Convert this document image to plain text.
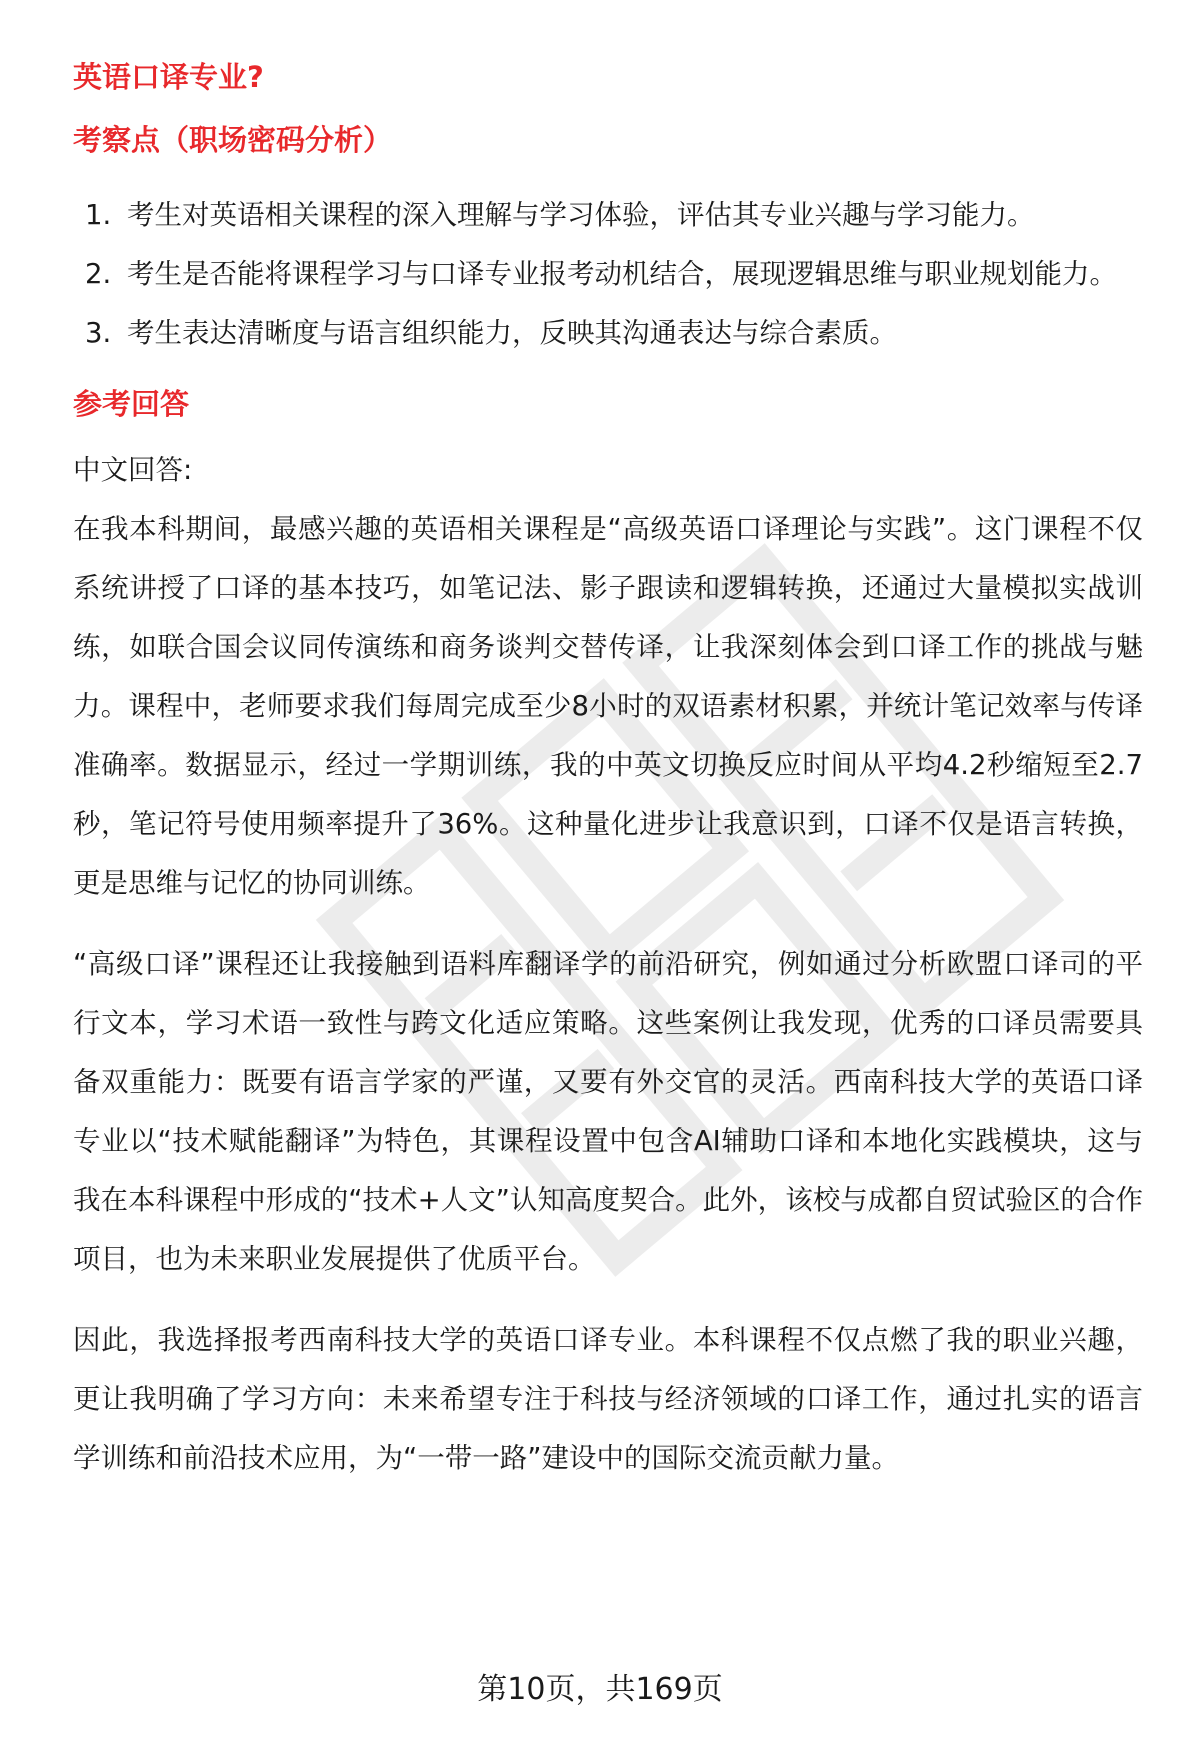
英语口译专业?
考察点（职场密码分析）
1. 考生对英语相关课程的深入理解与学习体验，评估其专业兴趣与学习能力。
2. 考生是否能将课程学习与口译专业报考动机结合，展现逻辑思维与职业规划能力。
3. 考生表达清晰度与语言组织能力，反映其沟通表达与综合素质。
参考回答

中文回答:

在我本科期间，最感兴趣的英语相关课程是“高级英语口译理论与实践”。这门课程不仅系统讲授了口译的基本技巧，如笔记法、影子跟读和逻辑转换，还通过大量模拟实战训练，如联合国会议同传演练和商务谈判交替传译，让我深刻体会到口译工作的挑战与魅力。课程中，老师要求我们每周完成至少8小时的双语素材积累，并统计笔记效率与传译准确率。数据显示，经过一学期训练，我的中英文切换反应时间从平均4.2秒缩短至2.7秒，笔记符号使用频率提升了36%。这种量化进步让我意识到，口译不仅是语言转换，更是思维与记忆的协同训练。

“高级口译”课程还让我接触到语料库翻译学的前沿研究，例如通过分析欧盟口译司的平行文本，学习术语一致性与跨文化适应策略。这些案例让我发现，优秀的口译员需要具备双重能力：既要有语言学家的严谨，又要有外交官的灵活。西南科技大学的英语口译专业以“技术赋能翻译”为特色，其课程设置中包含AI辅助口译和本地化实践模块，这与我在本科课程中形成的“技术+人文”认知高度契合。此外，该校与成都自贸试验区的合作项目，也为未来职业发展提供了优质平台。

因此，我选择报考西南科技大学的英语口译专业。本科课程不仅点燃了我的职业兴趣，更让我明确了学习方向：未来希望专注于科技与经济领域的口译工作，通过扎实的语言学训练和前沿技术应用，为“一带一路”建设中的国际交流贡献力量。

第10页，共169页
